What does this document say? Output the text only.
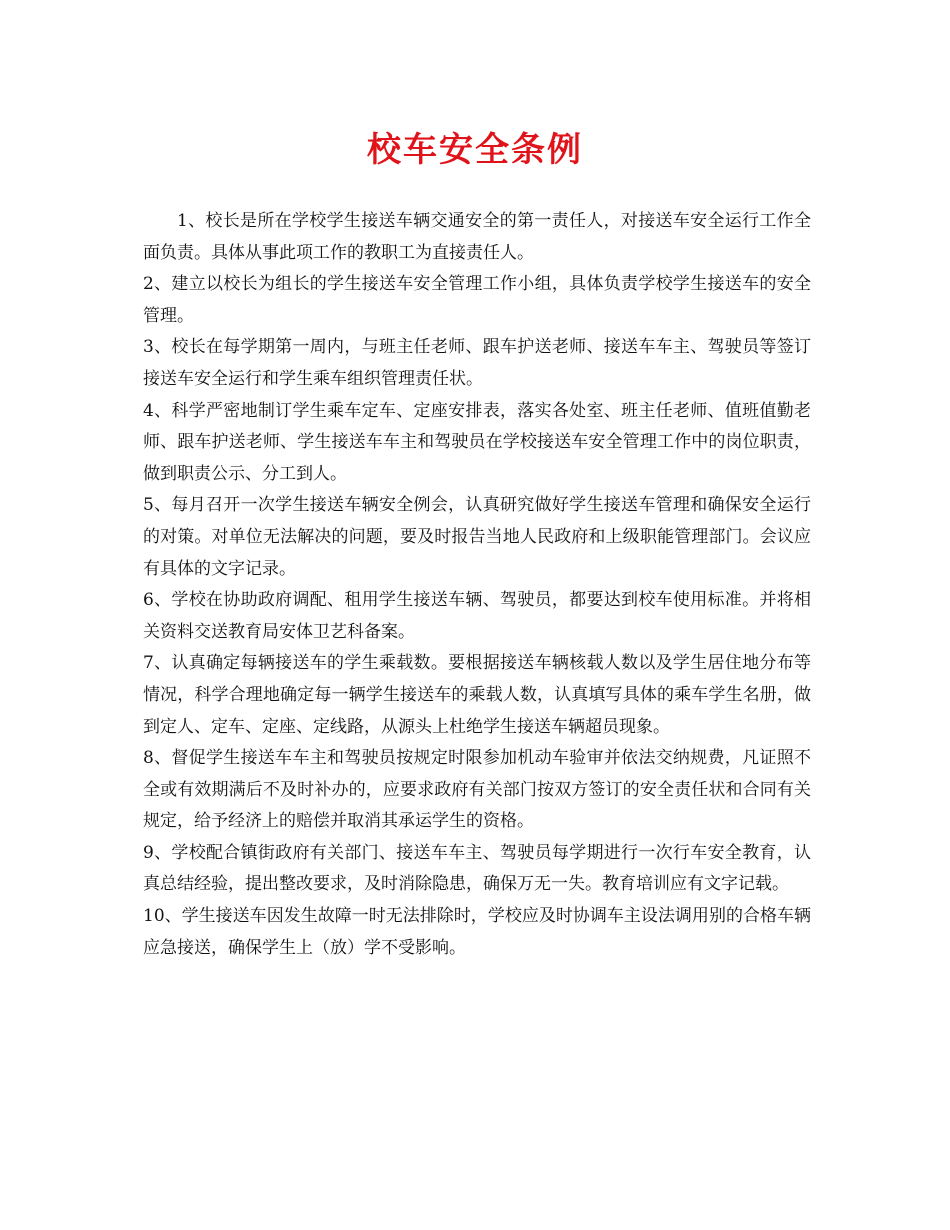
校车安全条例

1、校长是所在学校学生接送车辆交通安全的第一责任人，对接送车安全运行工作全面负责。具体从事此项工作的教职工为直接责任人。

2、建立以校长为组长的学生接送车安全管理工作小组，具体负责学校学生接送车的安全管理。

3、校长在每学期第一周内，与班主任老师、跟车护送老师、接送车车主、驾驶员等签订接送车安全运行和学生乘车组织管理责任状。

4、科学严密地制订学生乘车定车、定座安排表，落实各处室、班主任老师、值班值勤老师、跟车护送老师、学生接送车车主和驾驶员在学校接送车安全管理工作中的岗位职责，做到职责公示、分工到人。

5、每月召开一次学生接送车辆安全例会，认真研究做好学生接送车管理和确保安全运行的对策。对单位无法解决的问题，要及时报告当地人民政府和上级职能管理部门。会议应有具体的文字记录。

6、学校在协助政府调配、租用学生接送车辆、驾驶员，都要达到校车使用标准。并将相关资料交送教育局安体卫艺科备案。

7、认真确定每辆接送车的学生乘载数。要根据接送车辆核载人数以及学生居住地分布等情况，科学合理地确定每一辆学生接送车的乘载人数，认真填写具体的乘车学生名册，做到定人、定车、定座、定线路，从源头上杜绝学生接送车辆超员现象。

8、督促学生接送车车主和驾驶员按规定时限参加机动车验审并依法交纳规费，凡证照不全或有效期满后不及时补办的，应要求政府有关部门按双方签订的安全责任状和合同有关规定，给予经济上的赔偿并取消其承运学生的资格。

9、学校配合镇街政府有关部门、接送车车主、驾驶员每学期进行一次行车安全教育，认真总结经验，提出整改要求，及时消除隐患，确保万无一失。教育培训应有文字记载。

10、学生接送车因发生故障一时无法排除时，学校应及时协调车主设法调用别的合格车辆应急接送，确保学生上（放）学不受影响。
